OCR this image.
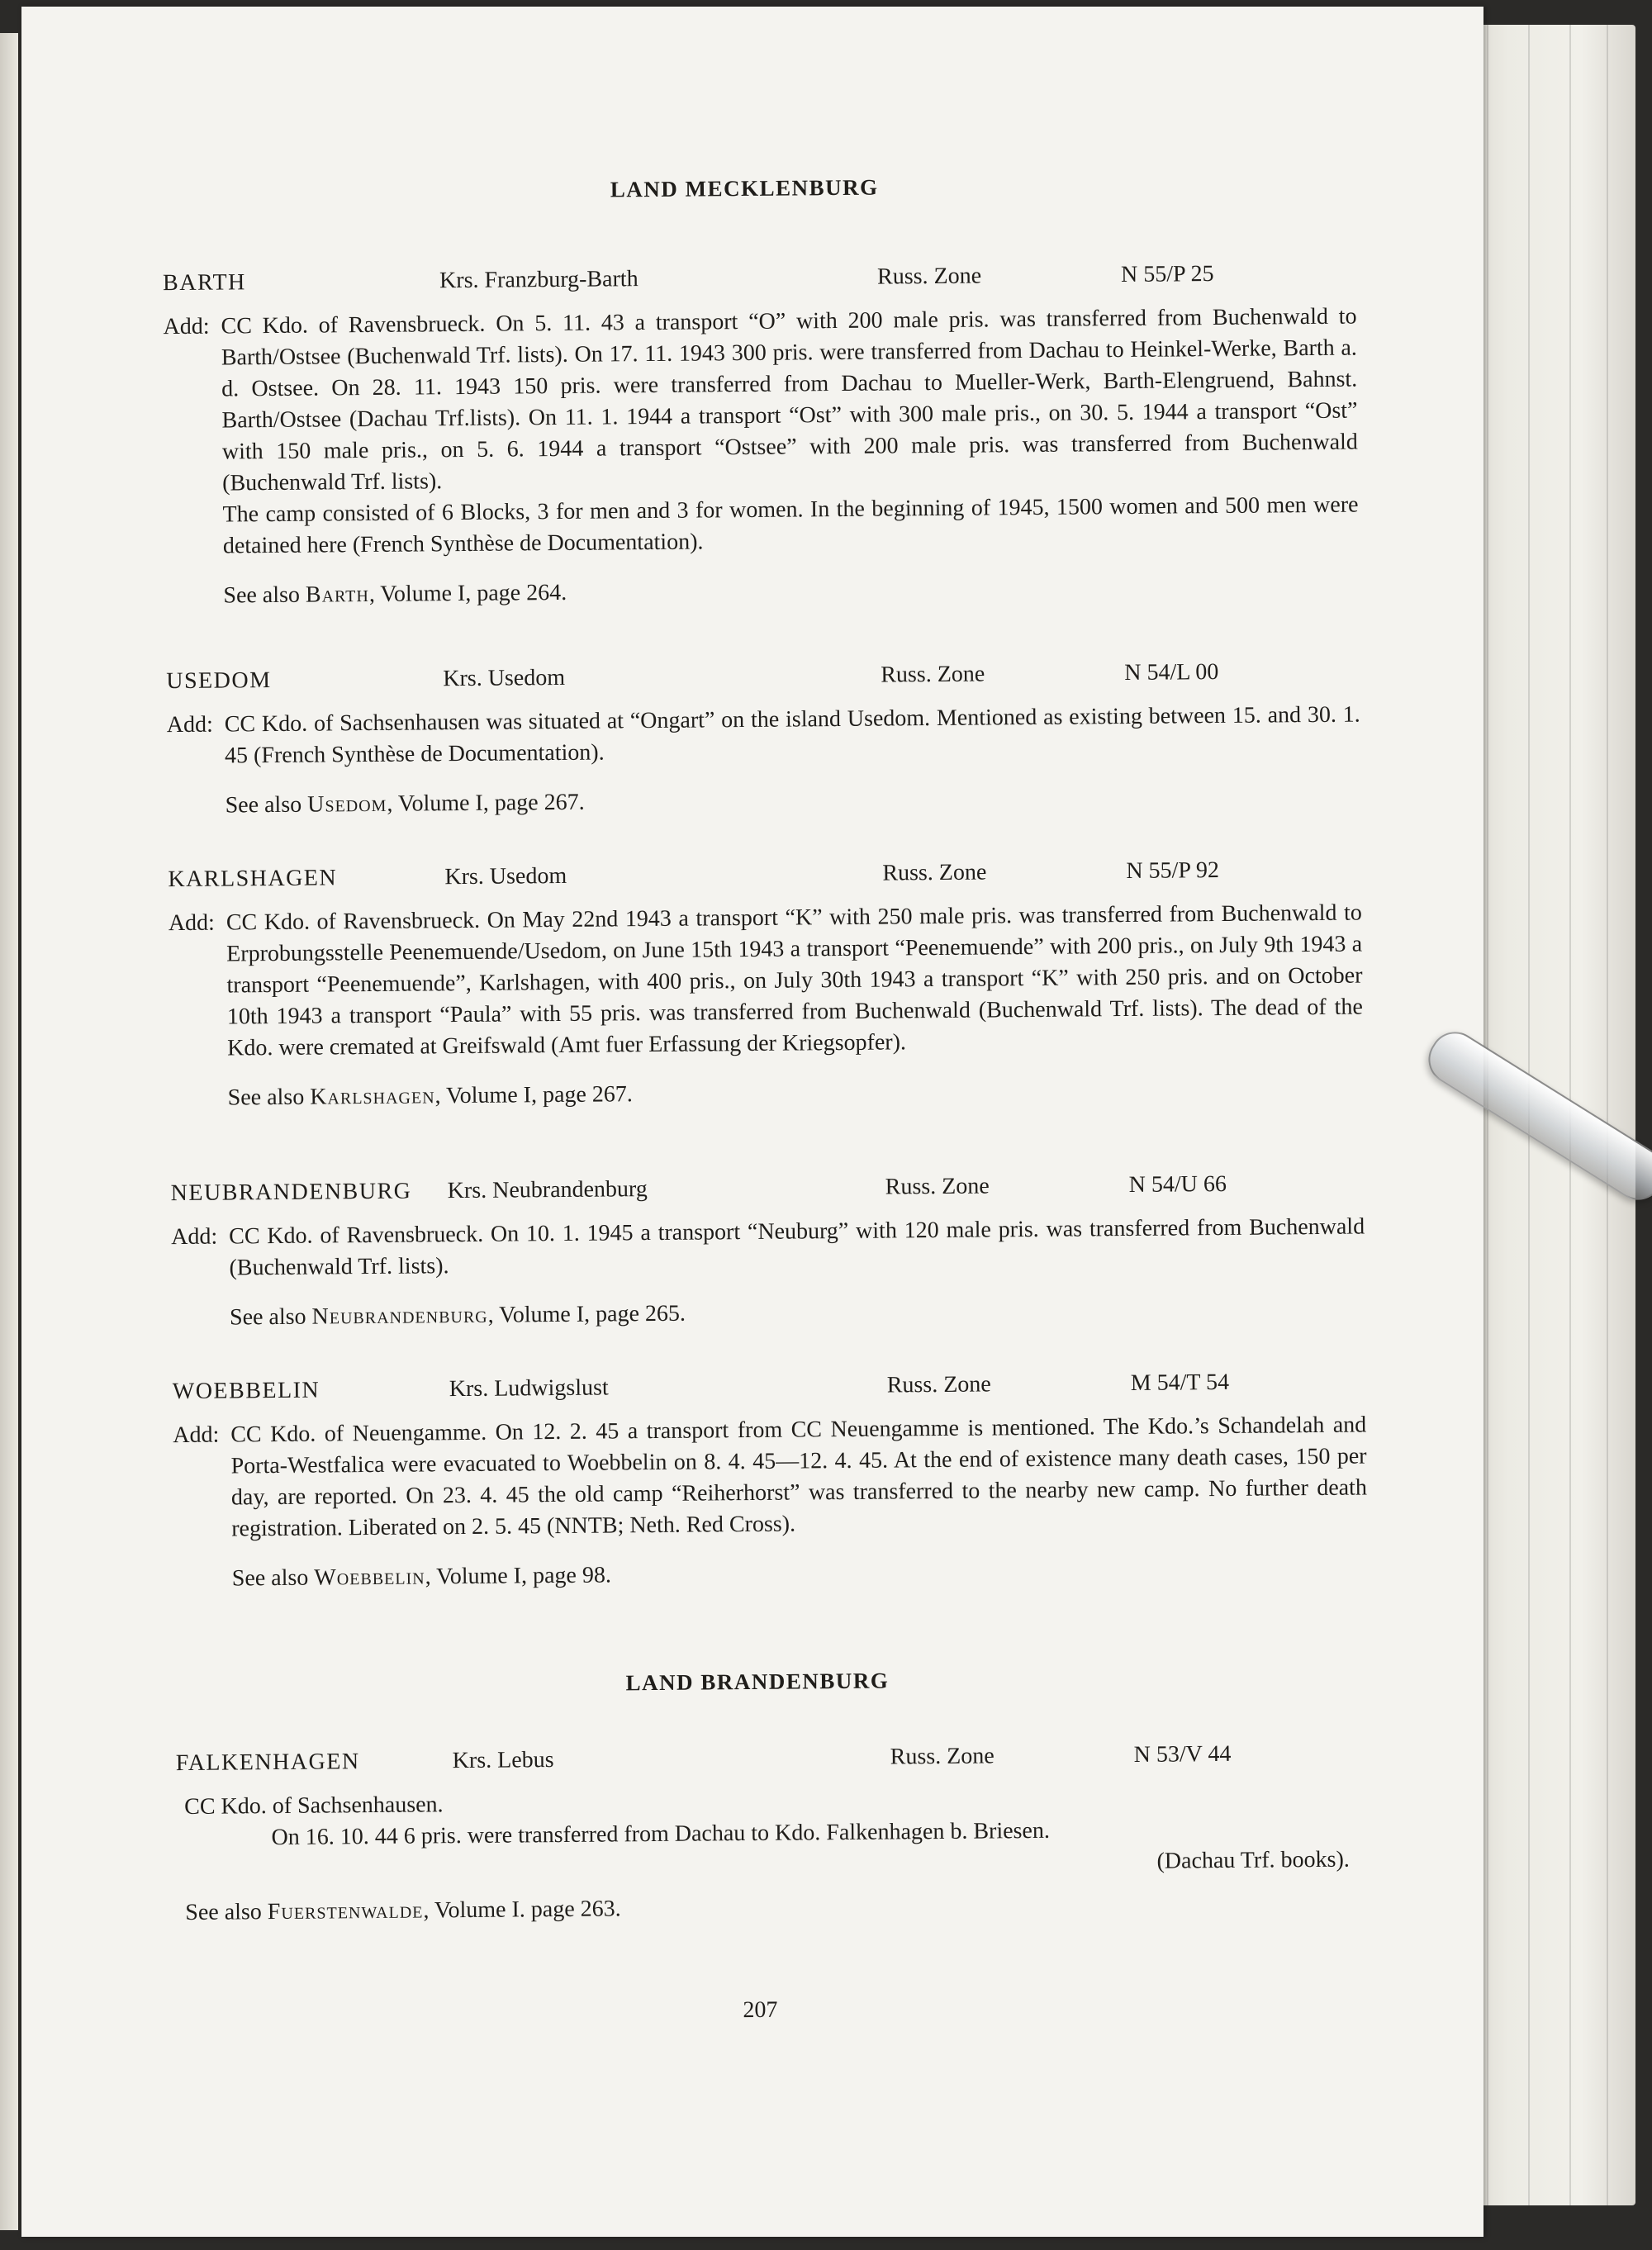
LAND MECKLENBURG
BARTH	Krs. Franzburg-Barth	Russ. Zone	N 55/P 25

Add: CC Kdo. of Ravensbrueck. On 5. 11. 43 a transport “O” with 200 male pris. was transferred from Buchenwald to Barth/Ostsee (Buchenwald Trf. lists). On 17. 11. 1943 300 pris. were transferred from Dachau to Heinkel-Werke, Barth a. d. Ostsee. On 28. 11. 1943 150 pris. were transferred from Dachau to Mueller-Werk, Barth-Elengruend, Bahnst. Barth/Ostsee (Dachau Trf.lists). On 11. 1. 1944 a transport “Ost” with 300 male pris., on 30. 5. 1944 a transport “Ost” with 150 male pris., on 5. 6. 1944 a transport “Ostsee” with 200 male pris. was transferred from Buchenwald (Buchenwald Trf. lists).

The camp consisted of 6 Blocks, 3 for men and 3 for women. In the beginning of 1945, 1500 women and 500 men were detained here (French Synthèse de Documentation).

See also Barth, Volume I, page 264.
USEDOM	Krs. Usedom	Russ. Zone	N 54/L 00

Add: CC Kdo. of Sachsenhausen was situated at “Ongart” on the island Usedom. Mentioned as existing between 15. and 30. 1. 45 (French Synthèse de Documentation).

See also Usedom, Volume I, page 267.
KARLSHAGEN	Krs. Usedom	Russ. Zone	N 55/P 92

Add: CC Kdo. of Ravensbrueck. On May 22nd 1943 a transport “K” with 250 male pris. was transferred from Buchenwald to Erprobungsstelle Peenemuende/Usedom, on June 15th 1943 a transport “Peenemuende” with 200 pris., on July 9th 1943 a transport “Peenemuende”, Karlshagen, with 400 pris., on July 30th 1943 a transport “K” with 250 pris. and on October 10th 1943 a transport “Paula” with 55 pris. was transferred from Buchenwald (Buchenwald Trf. lists). The dead of the Kdo. were cremated at Greifswald (Amt fuer Erfassung der Kriegsopfer).

See also Karlshagen, Volume I, page 267.
NEUBRANDENBURG Krs. Neubrandenburg	Russ. Zone	N 54/U 66

Add: CC Kdo. of Ravensbrueck. On 10. 1. 1945 a transport “Neuburg” with 120 male pris. was transferred from Buchenwald (Buchenwald Trf. lists).

See also Neubrandenburg, Volume I, page 265.
WOEBBELIN	Krs. Ludwigslust	Russ. Zone	M 54/T 54

Add: CC Kdo. of Neuengamme. On 12. 2. 45 a transport from CC Neuengamme is mentioned. The Kdo.’s Schandelah and Porta-Westfalica were evacuated to Woebbelin on 8. 4. 45—12. 4. 45. At the end of existence many death cases, 150 per day, are reported. On 23. 4. 45 the old camp “Reiherhorst” was transferred to the nearby new camp. No further death registration. Liberated on 2. 5. 45 (NNTB; Neth. Red Cross).

See also Woebbelin, Volume I, page 98.
LAND BRANDENBURG
FALKENHAGEN	Krs. Lebus	Russ. Zone	N 53/V 44
CC Kdo. of Sachsenhausen.
On 16. 10. 44 6 pris. were transferred from Dachau to Kdo. Falkenhagen b. Briesen.
(Dachau Trf. books).
See also Fuerstenwalde, Volume I. page 263.
207
